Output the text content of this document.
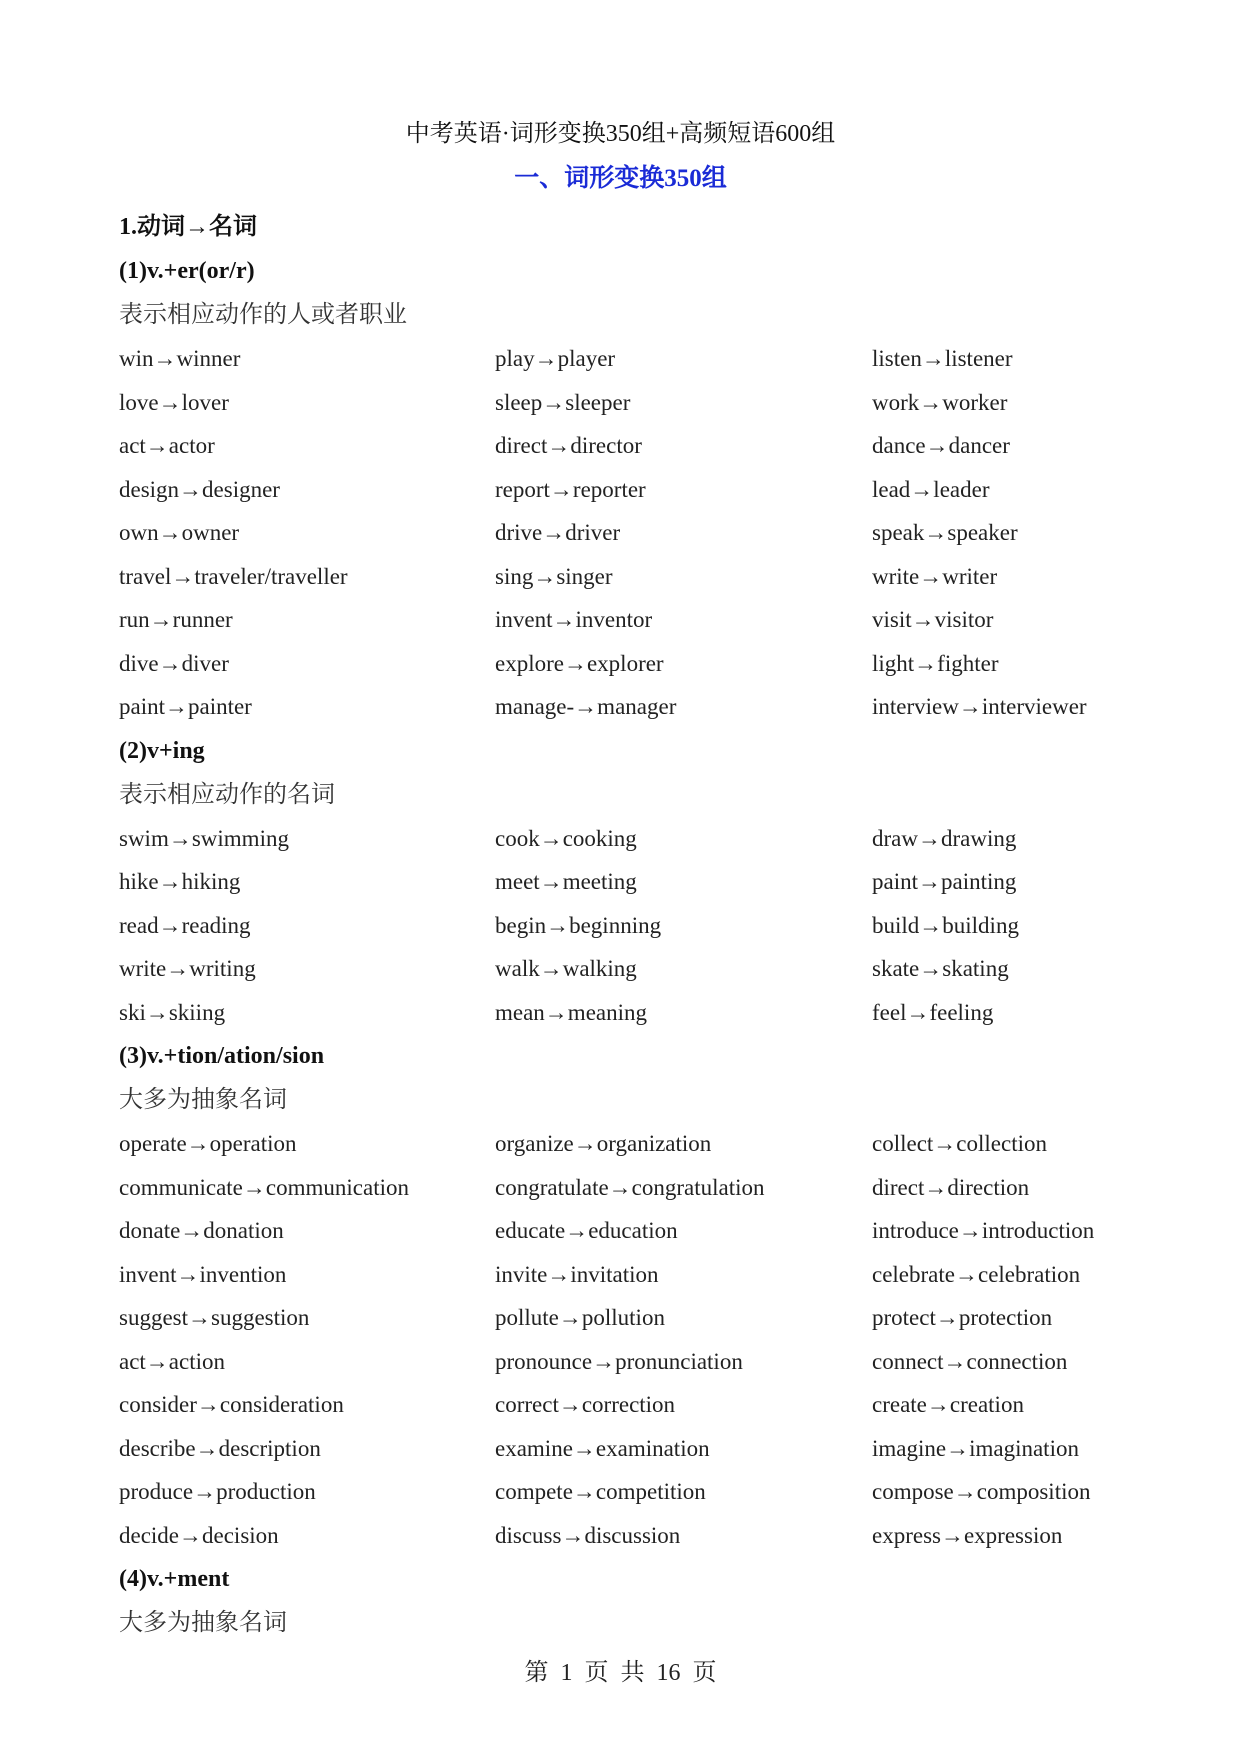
中考英语·词形变换350组+高频短语600组
一、词形变换350组
1.动词→名词
(1)v.+er(or/r)
表示相应动作的人或者职业
win→winner	play→player	listen→listener
love→lover	sleep→sleeper	work→worker
act→actor	direct→director	dance→dancer
design→designer	report→reporter	lead→leader
own→owner	drive→driver	speak→speaker
travel→traveler/traveller	sing→singer	write→writer
run→runner	invent→inventor	visit→visitor
dive→diver	explore→explorer	light→fighter
paint→painter	manage-→manager	interview→interviewer
(2)v+ing
表示相应动作的名词
swim→swimming	cook→cooking	draw→drawing
hike→hiking	meet→meeting	paint→painting
read→reading	begin→beginning	build→building
write→writing	walk→walking	skate→skating
ski→skiing	mean→meaning	feel→feeling
(3)v.+tion/ation/sion
大多为抽象名词
operate→operation	organize→organization	collect→collection
communicate→communication	congratulate→congratulation	direct→direction
donate→donation	educate→education	introduce→introduction
invent→invention	invite→invitation	celebrate→celebration
suggest→suggestion	pollute→pollution	protect→protection
act→action	pronounce→pronunciation	connect→connection
consider→consideration	correct→correction	create→creation
describe→description	examine→examination	imagine→imagination
produce→production	compete→competition	compose→composition
decide→decision	discuss→discussion	express→expression
(4)v.+ment
大多为抽象名词
第 1 页 共 16 页
